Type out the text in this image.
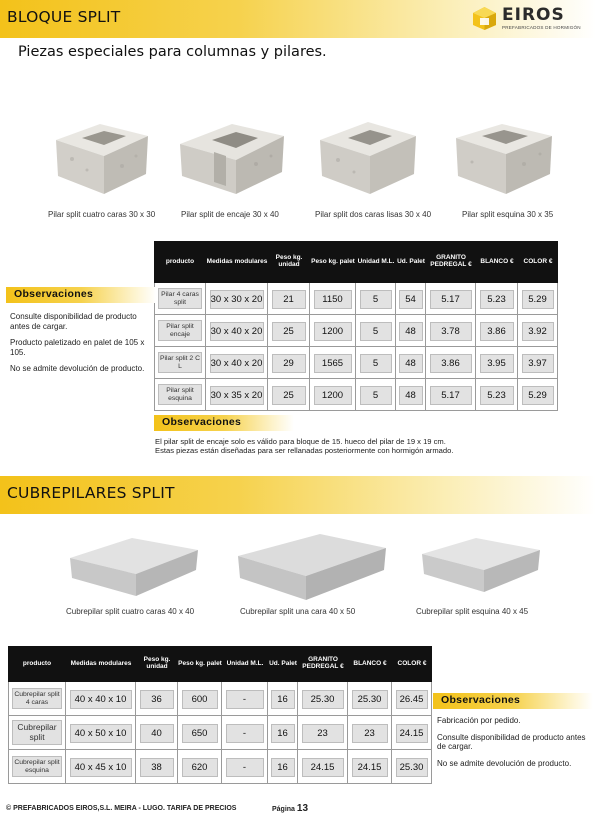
BLOQUE SPLIT	EIROS
PREFABRICADOS DE HORMIGÓN
Piezas especiales para columnas y pilares.
Pilar split cuatro caras 30 x 30	Pilar split de encaje 30 x 40	Pilar split dos caras lisas 30 x 40	Pilar split esquina 30 x 35
producto	Medidas modulares	Peso kg. unidad	Peso kg. palet	Unidad M.L.	Ud. Palet	GRANITO PEDREGAL €	BLANCO €	COLOR €
Pilar 4 caras split	30 x 30 x 20	21	1150	5	54	5.17	5.23	5.29
Pilar split encaje	30 x 40 x 20	25	1200	5	48	3.78	3.86	3.92
Pilar split 2 C L	30 x 40 x 20	29	1565	5	48	3.86	3.95	3.97
Pilar split esquina	30 x 35 x 20	25	1200	5	48	5.17	5.23	5.29
Observaciones

Consulte disponibilidad de producto antes de cargar.

Producto paletizado en palet de 105 x 105.

No se admite devolución de producto.

Observaciones
El pilar split de encaje solo es válido para bloque de 15. hueco del pilar de 19 x 19 cm.
Estas piezas están diseñadas para ser rellanadas posteriormente con hormigón armado.
CUBREPILARES SPLIT
Cubrepilar split cuatro caras 40 x 40	Cubrepilar split una cara 40 x 50	Cubrepilar split esquina 40 x 45
producto	Medidas modulares	Peso kg. unidad	Peso kg. palet	Unidad M.L.	Ud. Palet	GRANITO PEDREGAL €	BLANCO €	COLOR €
Cubrepilar split 4 caras	40 x 40 x 10	36	600	-	16	25.30	25.30	26.45
Cubrepilar split	40 x 50 x 10	40	650	-	16	23	23	24.15
Cubrepilar split esquina	40 x 45 x 10	38	620	-	16	24.15	24.15	25.30
Observaciones

Fabricación por pedido.

Consulte disponibilidad de producto antes de cargar.

No se admite devolución de producto.

© PREFABRICADOS EIROS,S.L. MEIRA - LUGO. TARIFA DE PRECIOS	Página 13
